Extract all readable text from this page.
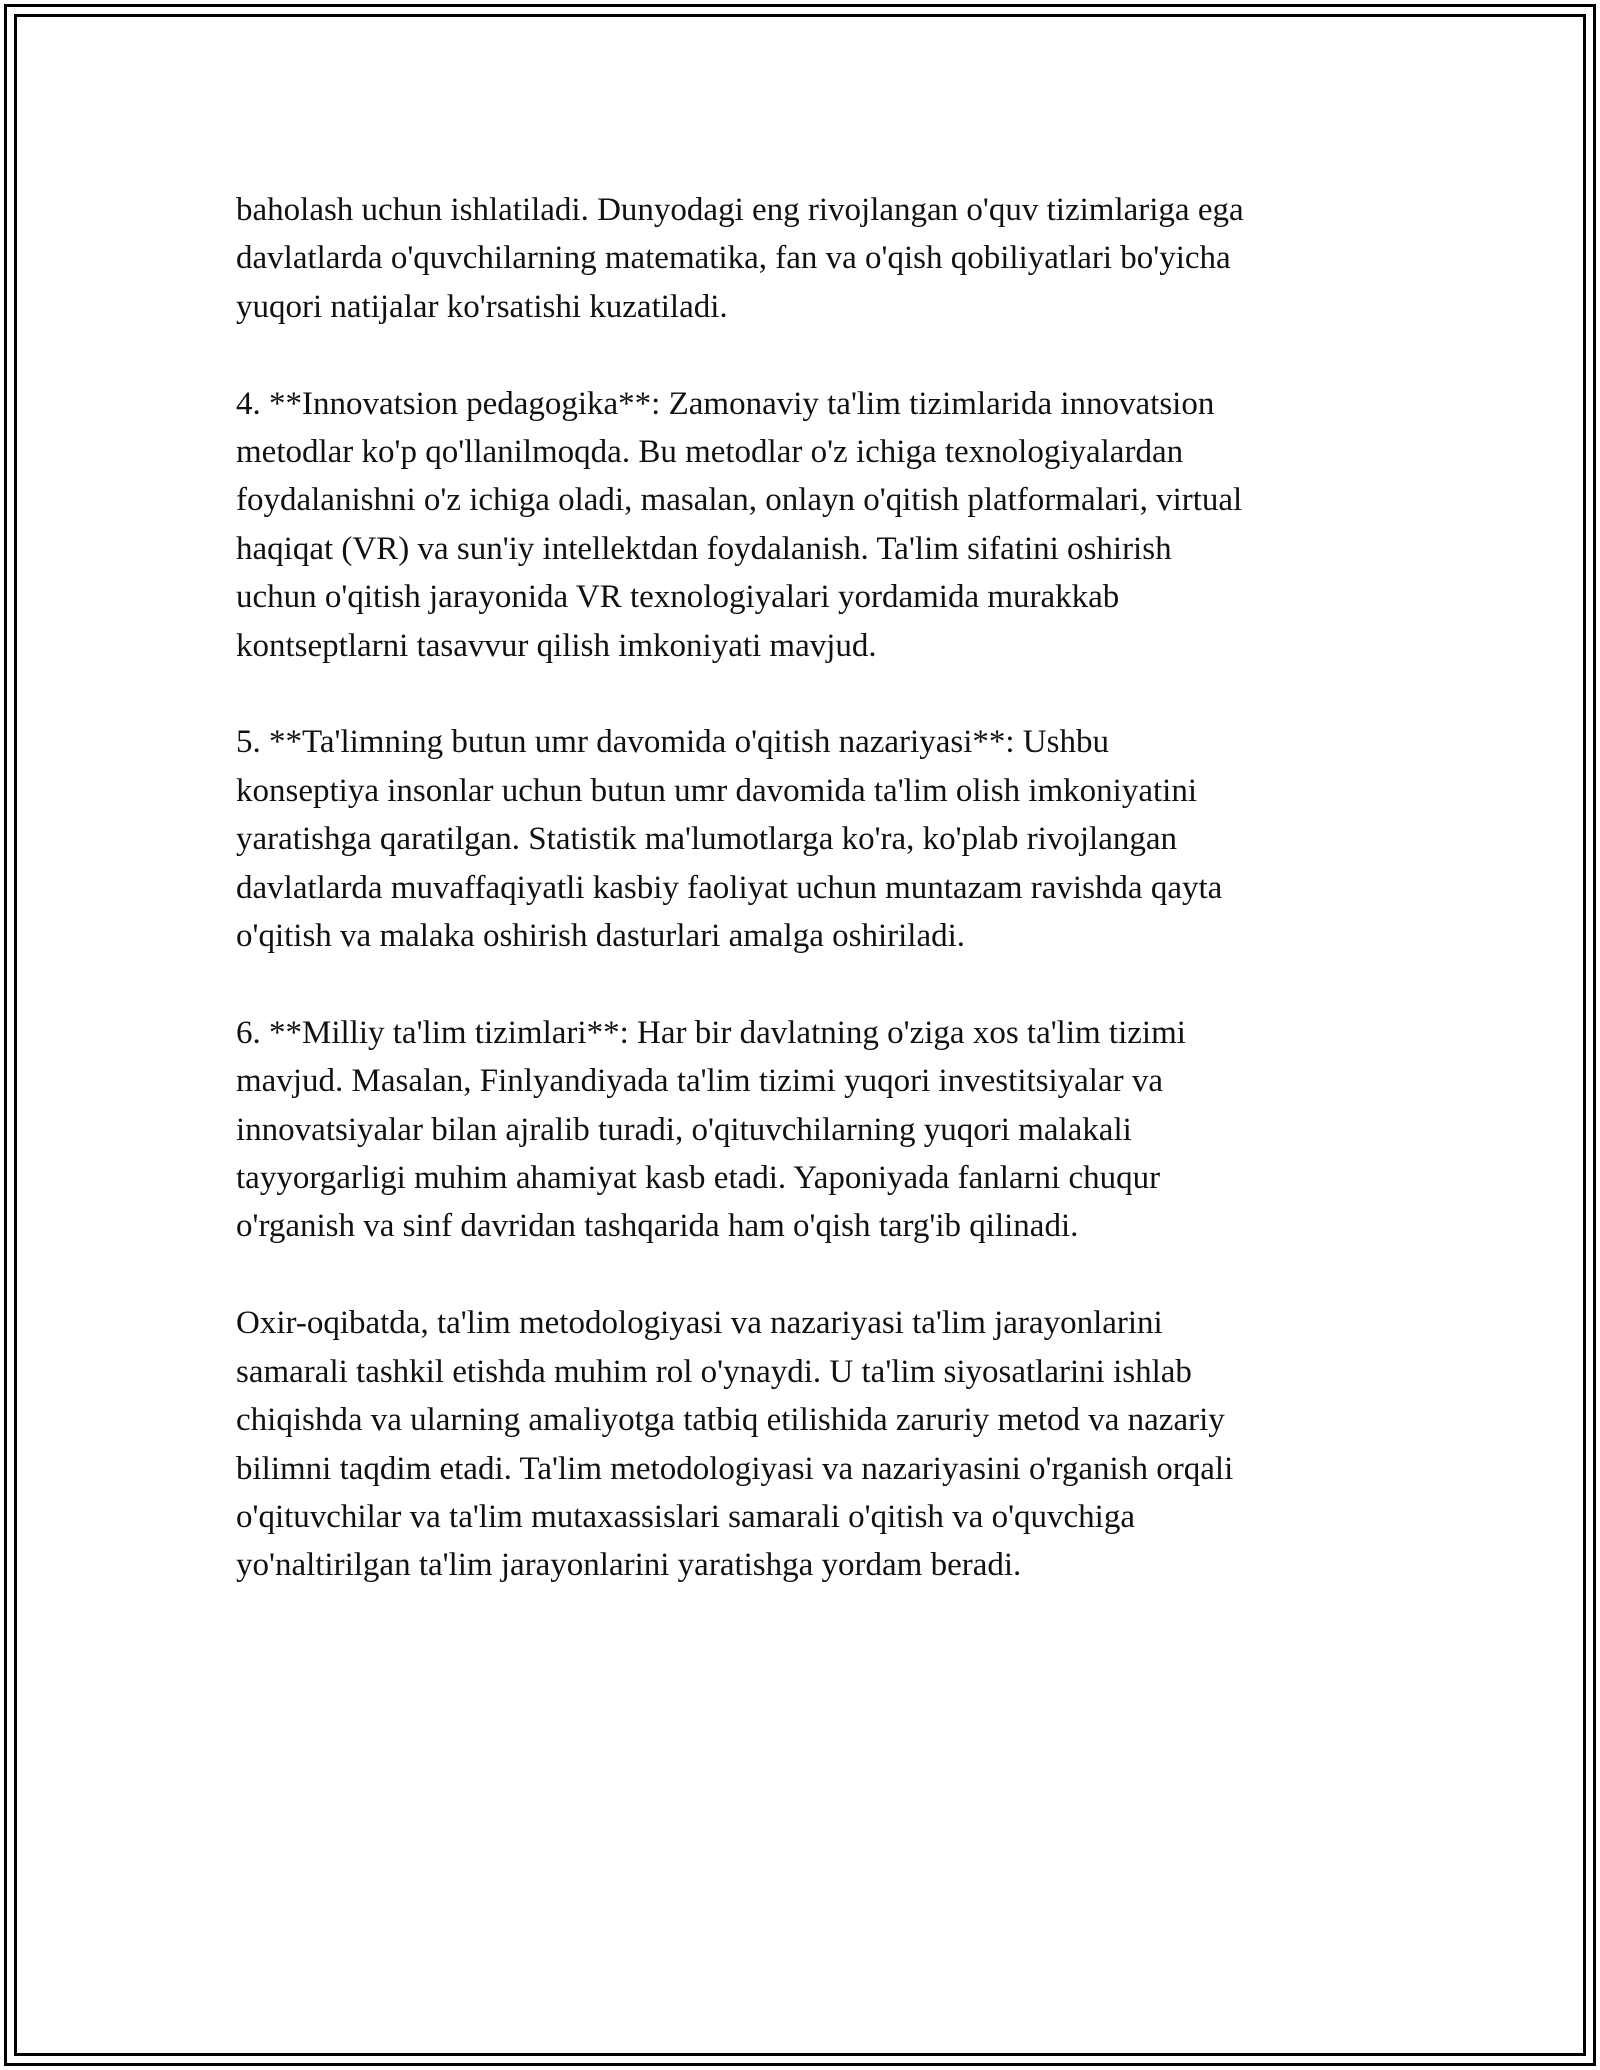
baholash uchun ishlatiladi. Dunyodagi eng rivojlangan o'quv tizimlariga ega
davlatlarda o'quvchilarning matematika, fan va o'qish qobiliyatlari bo'yicha
yuqori natijalar ko'rsatishi kuzatiladi.

4. **Innovatsion pedagogika**: Zamonaviy ta'lim tizimlarida innovatsion
metodlar ko'p qo'llanilmoqda. Bu metodlar o'z ichiga texnologiyalardan
foydalanishni o'z ichiga oladi, masalan, onlayn o'qitish platformalari, virtual
haqiqat (VR) va sun'iy intellektdan foydalanish. Ta'lim sifatini oshirish
uchun o'qitish jarayonida VR texnologiyalari yordamida murakkab
kontseptlarni tasavvur qilish imkoniyati mavjud.

5. **Ta'limning butun umr davomida o'qitish nazariyasi**: Ushbu
konseptiya insonlar uchun butun umr davomida ta'lim olish imkoniyatini
yaratishga qaratilgan. Statistik ma'lumotlarga ko'ra, ko'plab rivojlangan
davlatlarda muvaffaqiyatli kasbiy faoliyat uchun muntazam ravishda qayta
o'qitish va malaka oshirish dasturlari amalga oshiriladi.

6. **Milliy ta'lim tizimlari**: Har bir davlatning o'ziga xos ta'lim tizimi
mavjud. Masalan, Finlyandiyada ta'lim tizimi yuqori investitsiyalar va
innovatsiyalar bilan ajralib turadi, o'qituvchilarning yuqori malakali
tayyorgarligi muhim ahamiyat kasb etadi. Yaponiyada fanlarni chuqur
o'rganish va sinf davridan tashqarida ham o'qish targ'ib qilinadi.

Oxir-oqibatda, ta'lim metodologiyasi va nazariyasi ta'lim jarayonlarini
samarali tashkil etishda muhim rol o'ynaydi. U ta'lim siyosatlarini ishlab
chiqishda va ularning amaliyotga tatbiq etilishida zaruriy metod va nazariy
bilimni taqdim etadi. Ta'lim metodologiyasi va nazariyasini o'rganish orqali
o'qituvchilar va ta'lim mutaxassislari samarali o'qitish va o'quvchiga
yo'naltirilgan ta'lim jarayonlarini yaratishga yordam beradi.
